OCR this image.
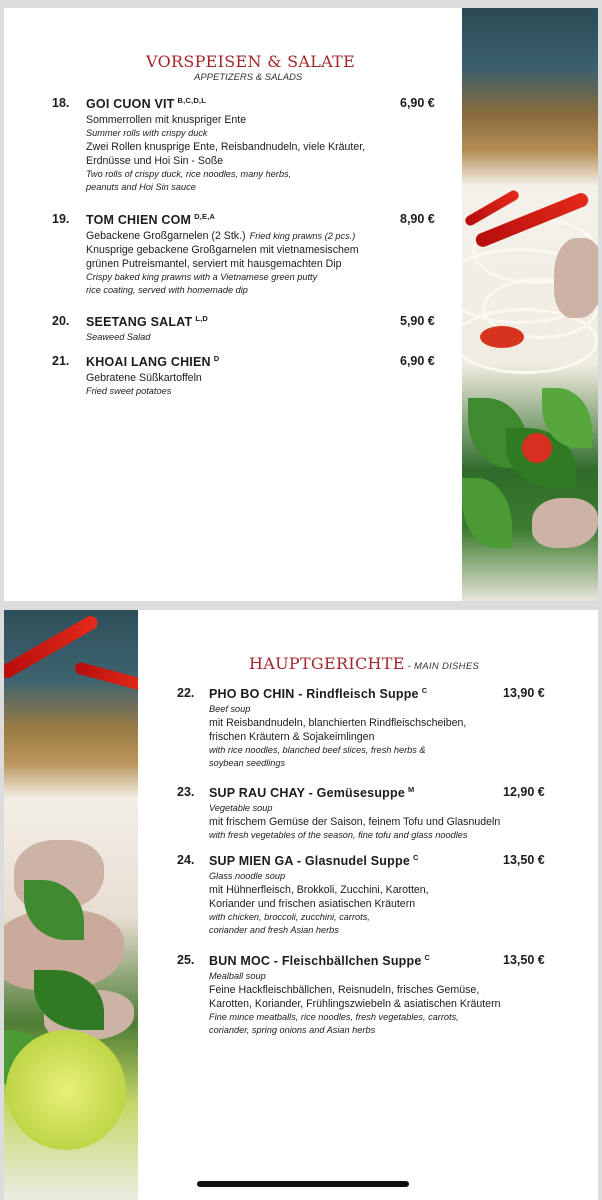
VORSPEISEN & SALATE
APPETIZERS & SALADS
18. GOI CUON VIT $^{B,C,D,L}$	6,90 €
Sommerrollen mit knuspriger Ente
Summer rolls with crispy duck
Zwei Rollen knusprige Ente, Reisbandnudeln, viele Kräuter,
Erdnüsse und Hoi Sin - Soße
Two rolls of crispy duck, rice noodles, many herbs,
peanuts and Hoi Sin sauce
19. TOM CHIEN COM $^{D,E,A}$	8,90 €
Gebackene Großgarnelen (2 Stk.) Fried king prawns (2 pcs.)
Knusprige gebackene Großgarnelen mit vietnamesischem
grünen Putreismantel, serviert mit hausgemachten Dip
Crispy baked king prawns with a Vietnamese green putty
rice coating, served with homemade dip
20. SEETANG SALAT $^{L,D}$	5,90 €
Seaweed Salad
21. KHOAI LANG CHIEN $^D$	6,90 €
Gebratene Süßkartoffeln
Fried sweet potatoes
HAUPTGERICHTE - MAIN DISHES
22. PHO BO CHIN - Rindfleisch Suppe $^C$	13,90 €
Beef soup
mit Reisbandnudeln, blanchierten Rindfleischscheiben,
frischen Kräutern & Sojakeimlingen
with rice noodles, blanched beef slices, fresh herbs &
soybean seedlings
23. SUP RAU CHAY - Gemüsesuppe $^M$	12,90 €
Vegetable soup
mit frischem Gemüse der Saison, feinem Tofu und Glasnudeln
with fresh vegetables of the season, fine tofu and glass noodles
24. SUP MIEN GA - Glasnudel Suppe $^C$	13,50 €
Glass noodle soup
mit Hühnerfleisch, Brokkoli, Zucchini, Karotten,
Koriander und frischen asiatischen Kräutern
with chicken, broccoli, zucchini, carrots,
coriander and fresh Asian herbs
25. BUN MOC - Fleischbällchen Suppe $^C$	13,50 €
Mealball soup
Feine Hackfleischbällchen, Reisnudeln, frisches Gemüse,
Karotten, Koriander, Frühlingszwiebeln & asiatischen Kräutern
Fine mince meatballs, rice noodles, fresh vegetables, carrots,
coriander, spring onions and Asian herbs
